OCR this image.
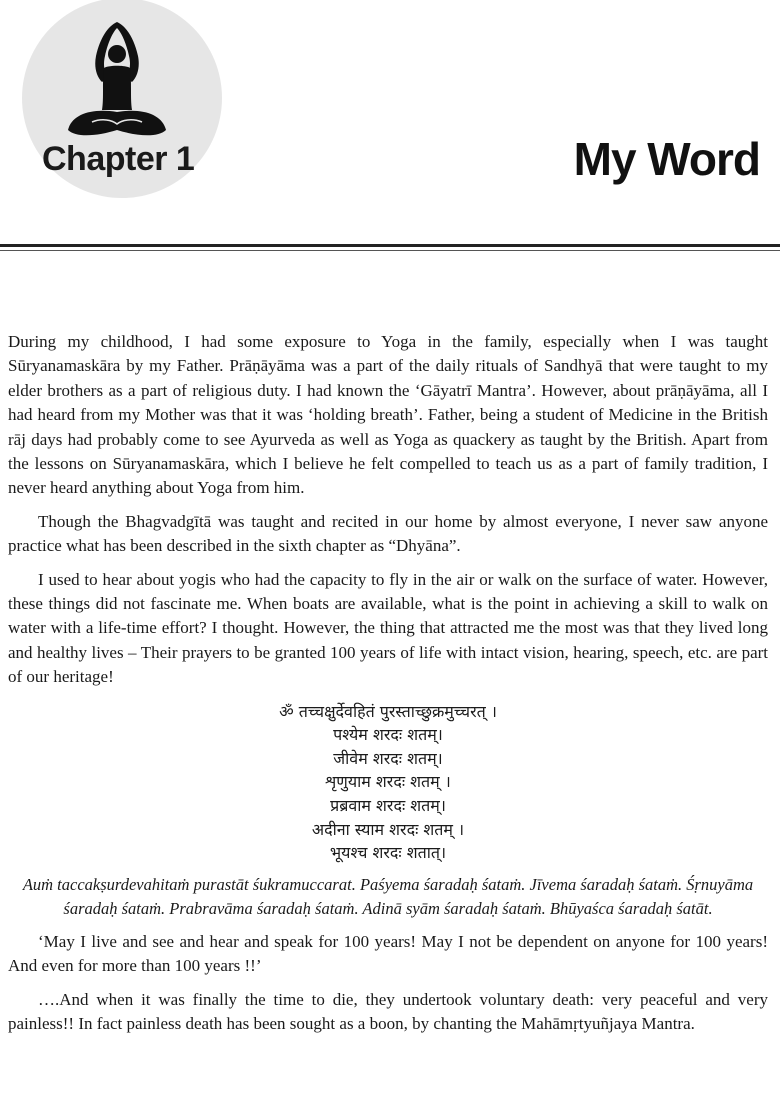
Chapter 1	My Word

During my childhood, I had some exposure to Yoga in the family, especially when I was taught Sūryanamaskāra by my Father. Prāṇāyāma was a part of the daily rituals of Sandhyā that were taught to my elder brothers as a part of religious duty. I had known the ‘Gāyatrī Mantra’. However, about prāṇāyāma, all I had heard from my Mother was that it was ‘holding breath’. Father, being a student of Medicine in the British rāj days had probably come to see Ayurveda as well as Yoga as quackery as taught by the British. Apart from the lessons on Sūryanamaskāra, which I believe he felt compelled to teach us as a part of family tradition, I never heard anything about Yoga from him.

Though the Bhagvadgītā was taught and recited in our home by almost everyone, I never saw anyone practice what has been described in the sixth chapter as “Dhyāna”.

I used to hear about yogis who had the capacity to fly in the air or walk on the surface of water. However, these things did not fascinate me. When boats are available, what is the point in achieving a skill to walk on water with a life-time effort? I thought. However, the thing that attracted me the most was that they lived long and healthy lives – Their prayers to be granted 100 years of life with intact vision, hearing, speech, etc. are part of our heritage!

ॐ तच्चक्षुर्देवहितं पुरस्ताच्छुक्रमुच्चरत् ।
पश्येम शरदः शतम्।
जीवेम शरदः शतम्।
शृणुयाम शरदः शतम् ।
प्रब्रवाम शरदः शतम्।
अदीना स्याम शरदः शतम् ।
भूयश्च शरदः शतात्।

Auṁ taccakṣurdevahitaṁ purastāt śukramuccarat. Paśyema śaradaḥ śataṁ. Jīvema śaradaḥ śataṁ. Śṛnuyāma śaradaḥ śataṁ. Prabravāma śaradaḥ śataṁ. Adinā syām śaradaḥ śataṁ. Bhūyaśca śaradaḥ śatāt.

‘May I live and see and hear and speak for 100 years! May I not be dependent on anyone for 100 years! And even for more than 100 years !!’

….And when it was finally the time to die, they undertook voluntary death: very peaceful and very painless!! In fact painless death has been sought as a boon, by chanting the Mahāmṛtyuñjaya Mantra.
